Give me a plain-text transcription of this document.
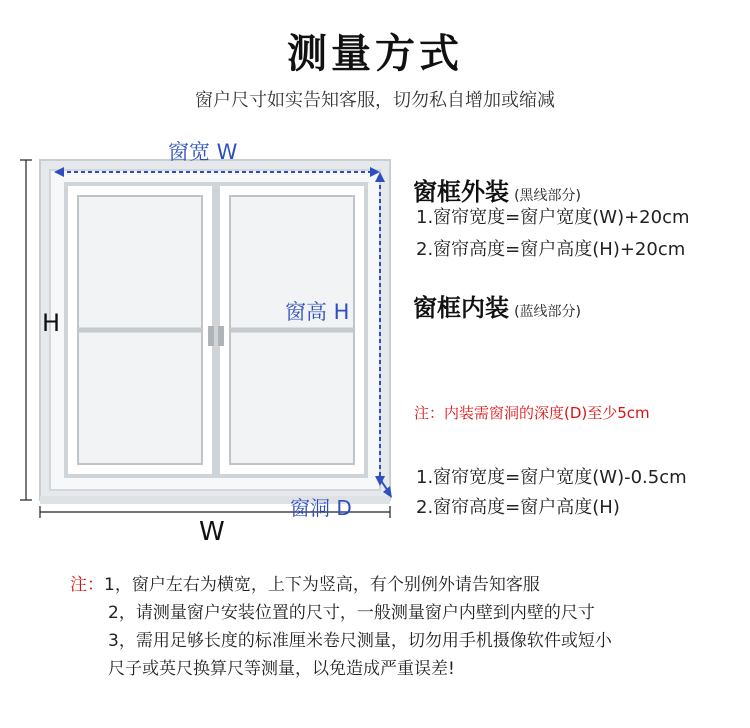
测量方式
窗户尺寸如实告知客服，切勿私自增加或缩减
窗宽 W
H	窗高 H
窗洞 D
W
窗框外装 (黑线部分)
1.窗帘宽度=窗户宽度(W)+20cm
2.窗帘高度=窗户高度(H)+20cm
窗框内装 (蓝线部分)
注：内装需窗洞的深度(D)至少5cm
1.窗帘宽度=窗户宽度(W)-0.5cm
2.窗帘高度=窗户高度(H)
注：1，窗户左右为横宽，上下为竖高，有个别例外请告知客服
2，请测量窗户安装位置的尺寸，一般测量窗户内壁到内壁的尺寸
3，需用足够长度的标准厘米卷尺测量，切勿用手机摄像软件或短小
尺子或英尺换算尺等测量，以免造成严重误差!
